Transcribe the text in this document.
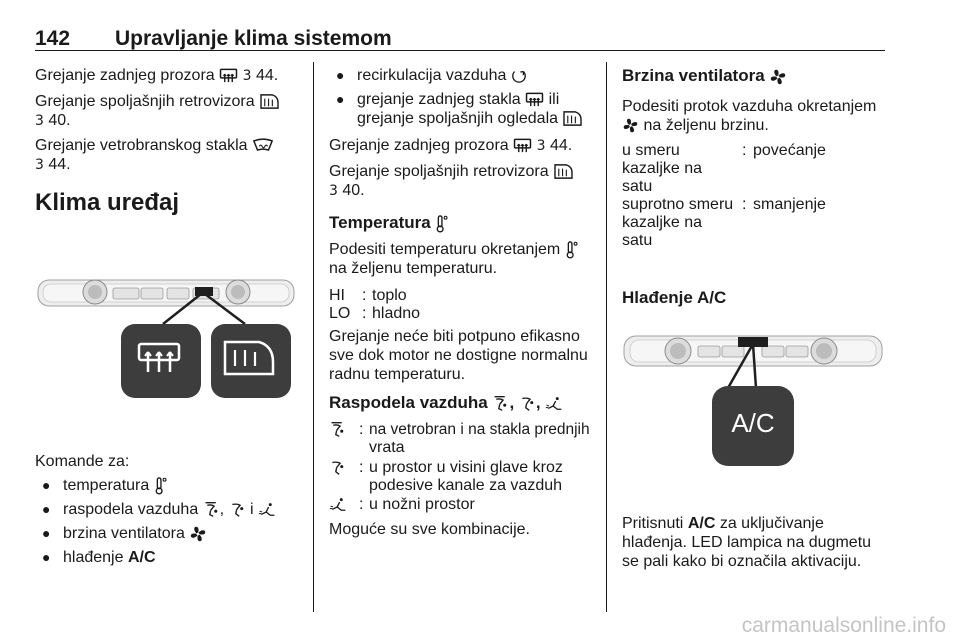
142 Upravljanje klima sistemom
Grejanje zadnjeg prozora 3 44.
Grejanje spoljašnjih retrovizora
3 40.
Grejanje vetrobranskog stakla
3 44.
Klima uređaj
Komande za:
● temperatura
● raspodela vazduha , i
● brzina ventilatora
● hlađenje A/C
● recirkulacija vazduha
● grejanje zadnjeg stakla ili
grejanje spoljašnjih ogledala
Grejanje zadnjeg prozora 3 44.
Grejanje spoljašnjih retrovizora
3 40.
Temperatura
Podesiti temperaturu okretanjem
na željenu temperaturu.
HI : toplo
LO : hladno
Grejanje neće biti potpuno efikasno
sve dok motor ne dostigne normalnu
radnu temperaturu.
Raspodela vazduha , ,
: na vetrobran i na stakla prednjih
vrata
: u prostor u visini glave kroz
podesive kanale za vazduh
: u nožni prostor
Moguće su sve kombinacije.
Brzina ventilatora
Podesiti protok vazduha okretanjem
na željenu brzinu.
u smeru
kazaljke na
satu
: povećanje
suprotno smeru
kazaljke na
satu
: smanjenje
Hlađenje A/C
A/C
Pritisnuti A/C za uključivanje
hlađenja. LED lampica na dugmetu
se pali kako bi označila aktivaciju.
carmanualsonline.info
